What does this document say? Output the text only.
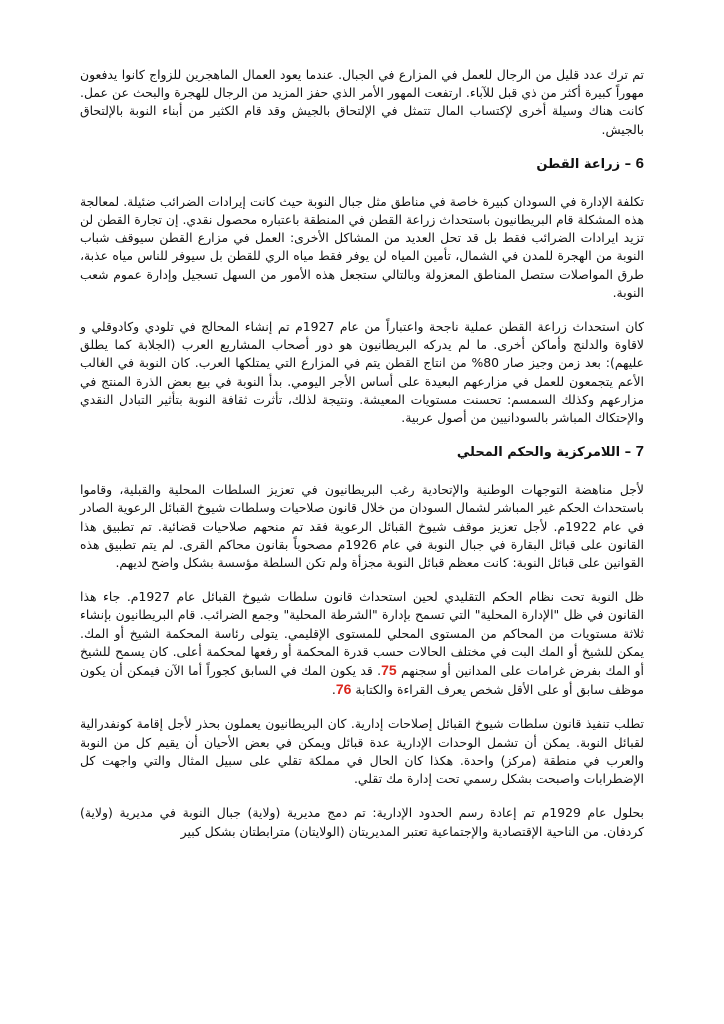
تم ترك عدد قليل من الرجال للعمل في المزارع في الجبال. عندما يعود العمال الماهجرين للزواج كانوا يدفعون مهوراً كبيرة أكثر من ذي قبل للآباء. ارتفعت المهور الأمر الذي حفز المزيد من الرجال للهجرة والبحث عن عمل. كانت هناك وسيلة أخرى لإكتساب المال تتمثل في الإلتحاق بالجيش وقد قام الكثير من أبناء النوبة بالإلتحاق بالجيش.

6 – زراعة القطن

تكلفة الإدارة في السودان كبيرة خاصة في مناطق مثل جبال النوبة حيث كانت إيرادات الضرائب ضئيلة. لمعالجة هذه المشكلة قام البريطانيون باستحداث زراعة القطن في المنطقة باعتباره محصول نقدي. إن تجارة القطن لن تزيد ايرادات الضرائب فقط بل قد تحل العديد من المشاكل الأخرى: العمل في مزارع القطن سيوقف شباب النوبة من الهجرة للمدن في الشمال، تأمين المياه لن يوفر فقط مياه الري للقطن بل سيوفر للناس مياه عذبة، طرق المواصلات ستصل المناطق المعزولة وبالتالي ستجعل هذه الأمور من السهل تسجيل وإدارة عموم شعب النوبة.

كان استحداث زراعة القطن عملية ناجحة واعتباراً من عام 1927م تم إنشاء المحالج في تلودي وكادوقلي و لاقاوة والدلنج وأماكن أخرى. ما لم يدركه البريطانيون هو دور أصحاب المشاريع العرب (الجلابة كما يطلق عليهم): بعد زمن وجيز صار 80% من انتاج القطن يتم في المزارع التي يمتلكها العرب. كان النوبة في الغالب الأعم يتجمعون للعمل في مزارعهم البعيدة على أساس الأجر اليومي. بدأ النوبة في بيع بعض الذرة المنتج في مزارعهم وكذلك السمسم: تحسنت مستويات المعيشة. ونتيجة لذلك، تأثرت ثقافة النوبة بتأثير التبادل النقدي والإحتكاك المباشر بالسودانيين من أصول عربية.

7 – اللامركزية والحكم المحلي

لأجل مناهضة التوجهات الوطنية والإتحادية رغب البريطانيون في تعزيز السلطات المحلية والقبلية، وقاموا باستحداث الحكم غير المباشر لشمال السودان من خلال قانون صلاحيات وسلطات شيوخ القبائل الرعوية الصادر في عام 1922م. لأجل تعزيز موقف شيوخ القبائل الرعوية فقد تم منحهم صلاحيات قضائية. تم تطبيق هذا القانون على قبائل البقارة في جبال النوبة في عام 1926م مصحوباً بقانون محاكم القرى. لم يتم تطبيق هذه القوانين على قبائل النوبة: كانت معظم قبائل النوبة مجزأة ولم تكن السلطة مؤسسة بشكل واضح لديهم.

ظل النوبة تحت نظام الحكم التقليدي لحين استحداث قانون سلطات شيوخ القبائل عام 1927م. جاء هذا القانون في ظل "الإدارة المحلية" التي تسمح بإدارة "الشرطة المحلية" وجمع الضرائب. قام البريطانيون بإنشاء ثلاثة مستويات من المحاكم من المستوى المحلي للمستوى الإقليمي. يتولى رئاسة المحكمة الشيخ أو المك. يمكن للشيخ أو المك البت في مختلف الحالات حسب قدرة المحكمة أو رفعها لمحكمة أعلى. كان يسمح للشيخ أو المك بفرض غرامات على المدانين أو سجنهم 75. قد يكون المك في السابق كجوراً أما الآن فيمكن أن يكون موظف سابق أو على الأقل شخص يعرف القراءة والكتابة 76.

تطلب تنفيذ قانون سلطات شيوخ القبائل إصلاحات إدارية. كان البريطانيون يعملون بحذر لأجل إقامة كونفدرالية لقبائل النوبة. يمكن أن تشمل الوحدات الإدارية عدة قبائل ويمكن في بعض الأحيان أن يقيم كل من النوبة والعرب في منطقة (مركز) واحدة. هكذا كان الحال في مملكة تقلي على سبيل المثال والتي واجهت كل الإضطرابات واصبحت بشكل رسمي تحت إدارة مك تقلي.

بحلول عام 1929م تم إعادة رسم الحدود الإدارية: تم دمج مديرية (ولاية) جبال النوبة في مديرية (ولاية) كردفان. من الناحية الإقتصادية والإجتماعية تعتبر المديريتان (الولايتان) مترابطتان بشكل كبير
